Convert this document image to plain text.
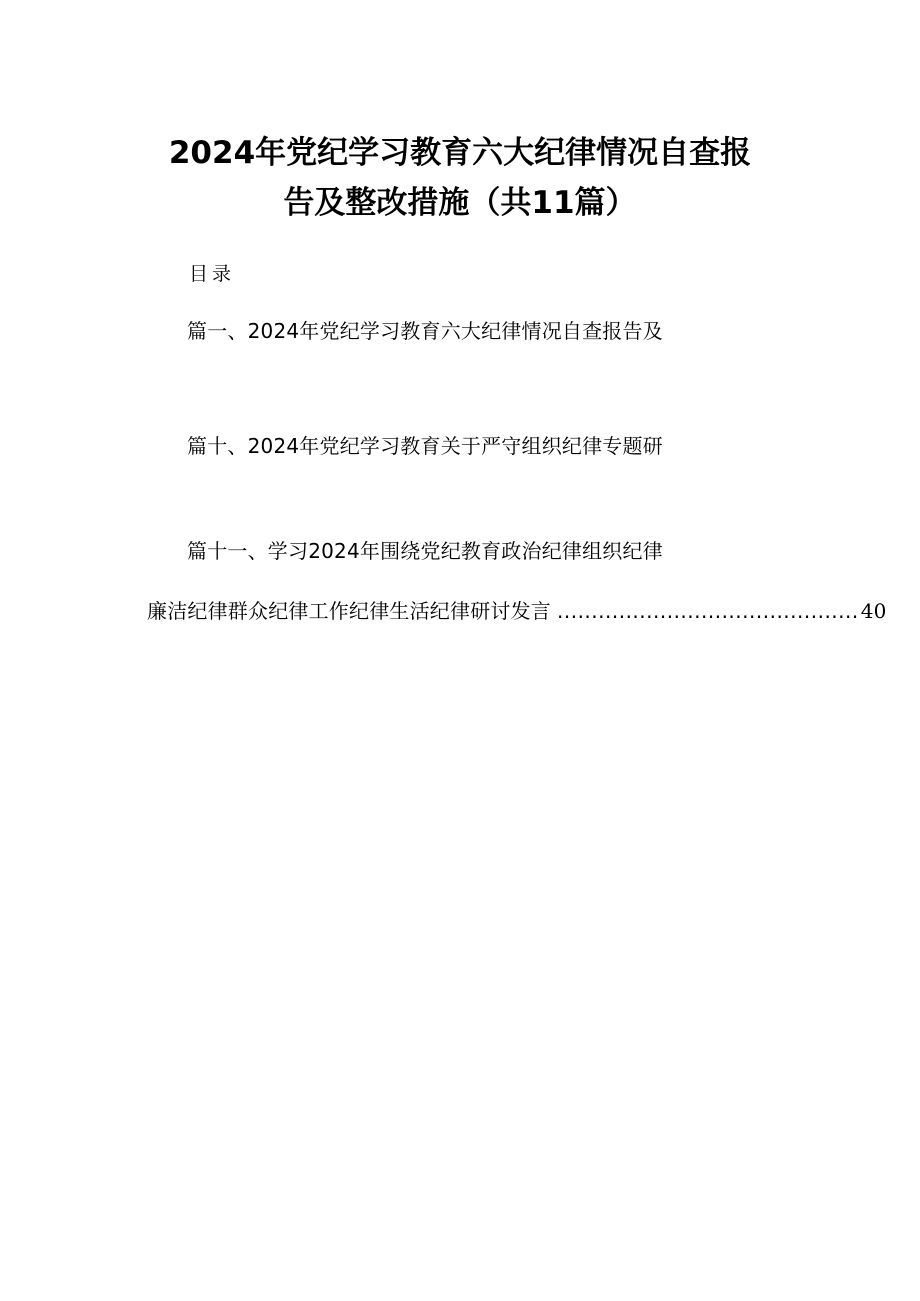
2024年党纪学习教育六大纪律情况自查报
告及整改措施（共11篇）
目录
篇一、2024年党纪学习教育六大纪律情况自查报告及
篇十、2024年党纪学习教育关于严守组织纪律专题研
篇十一、学习2024年围绕党纪教育政治纪律组织纪律
廉洁纪律群众纪律工作纪律生活纪律研讨发言 ............................................ 40
